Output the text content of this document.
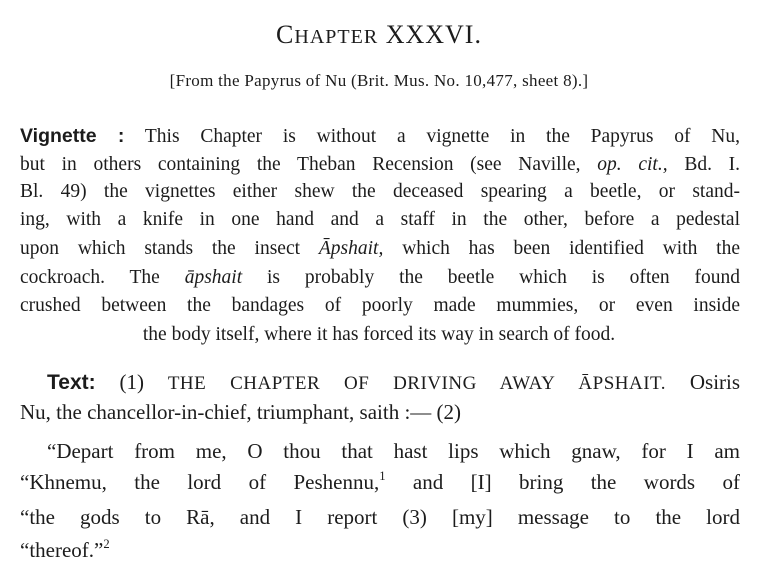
CHAPTER XXXVI.
[From the Papyrus of Nu (Brit. Mus. No. 10,477, sheet 8).]
Vignette : This Chapter is without a vignette in the Papyrus of Nu,
but in others containing the Theban Recension (see Naville, op. cit., Bd. I.
Bl. 49) the vignettes either shew the deceased spearing a beetle, or stand-
ing, with a knife in one hand and a staff in the other, before a pedestal
upon which stands the insect Āpshait, which has been identified with the
cockroach. The āpshait is probably the beetle which is often found
crushed between the bandages of poorly made mummies, or even inside
the body itself, where it has forced its way in search of food.
Text: (1) THE CHAPTER OF DRIVING AWAY ĀPSHAIT. Osiris
Nu, the chancellor-in-chief, triumphant, saith :— (2)
“Depart from me, O thou that hast lips which gnaw, for I am
“Khnemu, the lord of Peshennu,$^1$ and [I] bring the words of
“the gods to Rā, and I report (3) [my] message to the lord
“thereof.”$^2$
